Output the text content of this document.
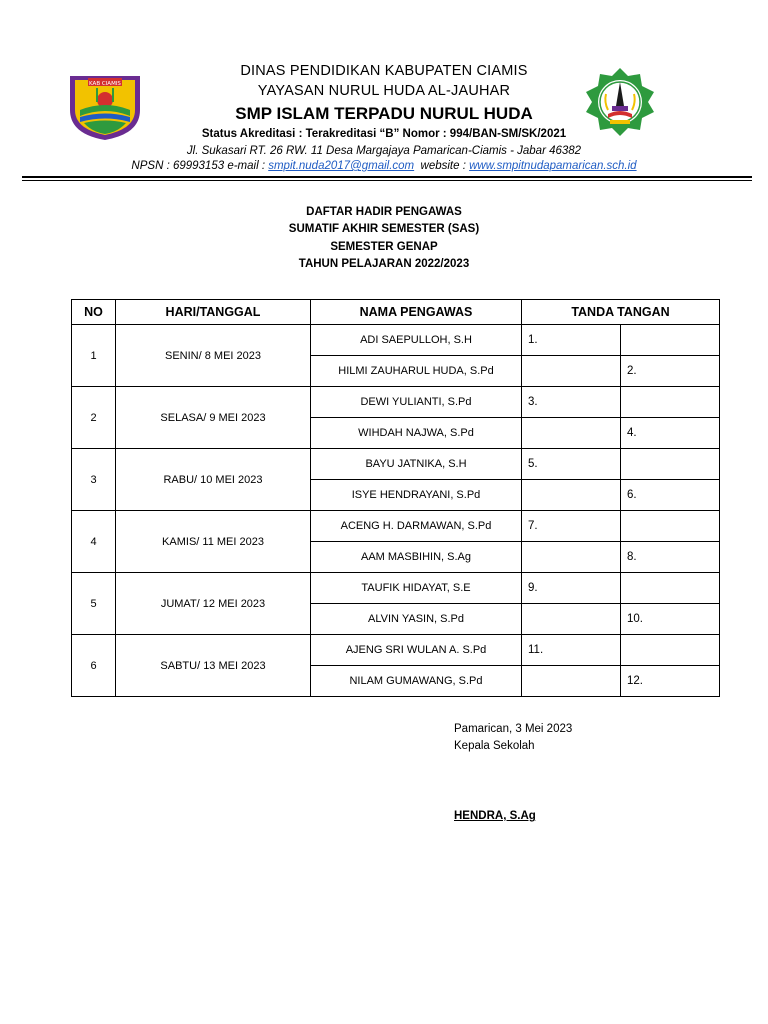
KAB CIAMIS
DINAS PENDIDIKAN KABUPATEN CIAMIS
YAYASAN NURUL HUDA AL-JAUHAR
SMP ISLAM TERPADU NURUL HUDA
Status Akreditasi : Terakreditasi “B” Nomor : 994/BAN-SM/SK/2021
Jl. Sukasari RT. 26 RW. 11 Desa Margajaya Pamarican-Ciamis - Jabar 46382
NPSN : 69993153 e-mail : smpit.nuda2017@gmail.com  website : www.smpitnudapamarican.sch.id
DAFTAR HADIR PENGAWAS
SUMATIF AKHIR SEMESTER (SAS)
SEMESTER GENAP
TAHUN PELAJARAN 2022/2023
NO	HARI/TANGGAL	NAMA PENGAWAS	TANDA TANGAN	
1	SENIN/ 8 MEI 2023	ADI SAEPULLOH, S.H	1.	
		HILMI ZAUHARUL HUDA, S.Pd		2.
2	SELASA/ 9 MEI 2023	DEWI YULIANTI, S.Pd	3.	
		WIHDAH NAJWA, S.Pd		4.
3	RABU/ 10 MEI 2023	BAYU JATNIKA, S.H	5.	
		ISYE HENDRAYANI, S.Pd		6.
4	KAMIS/ 11 MEI 2023	ACENG H. DARMAWAN, S.Pd	7.	
		AAM MASBIHIN, S.Ag		8.
5	JUMAT/ 12 MEI 2023	TAUFIK HIDAYAT, S.E	9.	
		ALVIN YASIN, S.Pd		10.
6	SABTU/ 13 MEI 2023	AJENG SRI WULAN A. S.Pd	11.	
		NILAM GUMAWANG, S.Pd		12.
Pamarican, 3 Mei 2023
Kepala Sekolah
HENDRA, S.Ag
